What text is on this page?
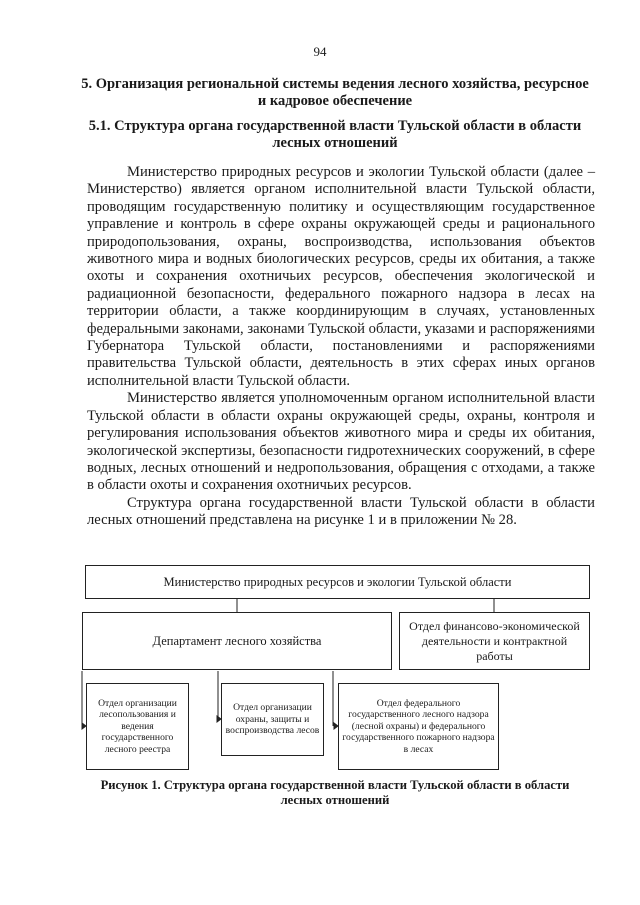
94
5. Организация региональной системы ведения лесного хозяйства, ресурсное и кадровое обеспечение
5.1. Структура органа государственной власти Тульской области в области лесных отношений

Министерство природных ресурсов и экологии Тульской области (далее – Министерство) является органом исполнительной власти Тульской области, проводящим государственную политику и осуществляющим государственное управление и контроль в сфере охраны окружающей среды и рационального природопользования, охраны, воспроизводства, использования объектов животного мира и водных биологических ресурсов, среды их обитания, а также охоты и сохранения охотничьих ресурсов, обеспечения экологической и радиационной безопасности, федерального пожарного надзора в лесах на территории области, а также координирующим в случаях, установленных федеральными законами, законами Тульской области, указами и распоряжениями Губернатора Тульской области, постановлениями и распоряжениями правительства Тульской области, деятельность в этих сферах иных органов исполнительной власти Тульской области.

Министерство является уполномоченным органом исполнительной власти Тульской области в области охраны окружающей среды, охраны, контроля и регулирования использования объектов животного мира и среды их обитания, экологической экспертизы, безопасности гидротехнических сооружений, в сфере водных, лесных отношений и недропользования, обращения с отходами, а также в области охоты и сохранения охотничьих ресурсов.

Структура органа государственной власти Тульской области в области лесных отношений представлена на рисунке 1 и в приложении № 28.

Министерство природных ресурсов и экологии Тульской области
Департамент лесного хозяйства
Отдел финансово-экономической деятельности и контрактной работы
Отдел организации лесопользования и ведения государственного лесного реестра
Отдел организации охраны, защиты и воспроизводства лесов
Отдел федерального государственного лесного надзора (лесной охраны) и федерального государственного пожарного надзора в лесах

Рисунок 1. Структура органа государственной власти Тульской области в области лесных отношений
